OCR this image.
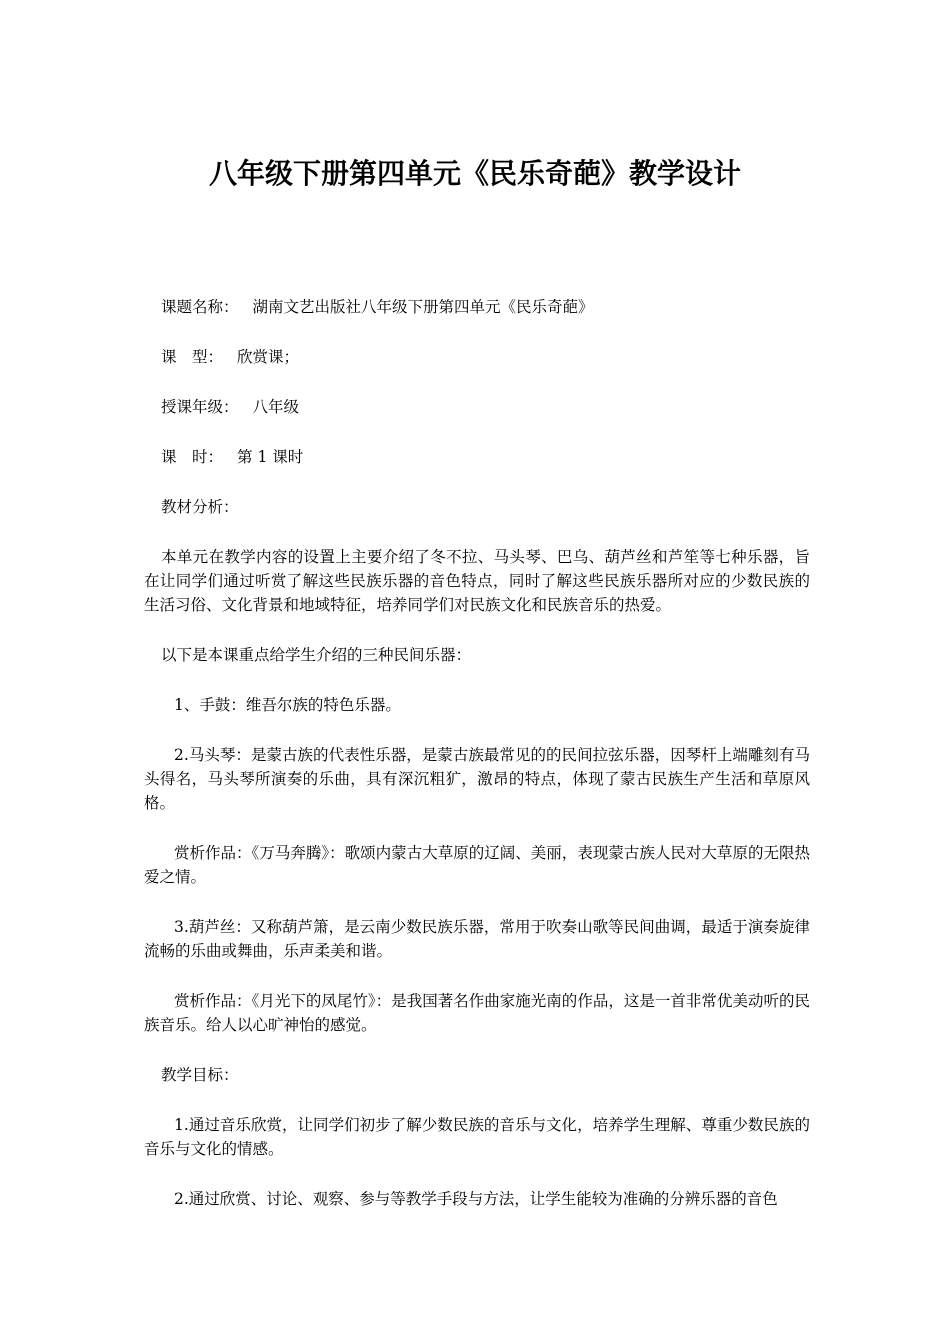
八年级下册第四单元《民乐奇葩》教学设计

课题名称： 湖南文艺出版社八年级下册第四单元《民乐奇葩》

课　型： 欣赏课；

授课年级： 八年级

课　时： 第 1 课时

教材分析：

本单元在教学内容的设置上主要介绍了冬不拉、马头琴、巴乌、葫芦丝和芦笙等七种乐器，旨在让同学们通过听赏了解这些民族乐器的音色特点，同时了解这些民族乐器所对应的少数民族的生活习俗、文化背景和地域特征，培养同学们对民族文化和民族音乐的热爱。

以下是本课重点给学生介绍的三种民间乐器：

1、手鼓：维吾尔族的特色乐器。

2.马头琴：是蒙古族的代表性乐器，是蒙古族最常见的的民间拉弦乐器，因琴杆上端雕刻有马头得名，马头琴所演奏的乐曲，具有深沉粗犷，激昂的特点，体现了蒙古民族生产生活和草原风格。

赏析作品：《万马奔腾》：歌颂内蒙古大草原的辽阔、美丽，表现蒙古族人民对大草原的无限热爱之情。

3.葫芦丝：又称葫芦箫，是云南少数民族乐器，常用于吹奏山歌等民间曲调，最适于演奏旋律流畅的乐曲或舞曲，乐声柔美和谐。

赏析作品：《月光下的凤尾竹》：是我国著名作曲家施光南的作品，这是一首非常优美动听的民族音乐。给人以心旷神怡的感觉。

教学目标：

1.通过音乐欣赏，让同学们初步了解少数民族的音乐与文化，培养学生理解、尊重少数民族的音乐与文化的情感。

2.通过欣赏、讨论、观察、参与等教学手段与方法，让学生能较为准确的分辨乐器的音色
